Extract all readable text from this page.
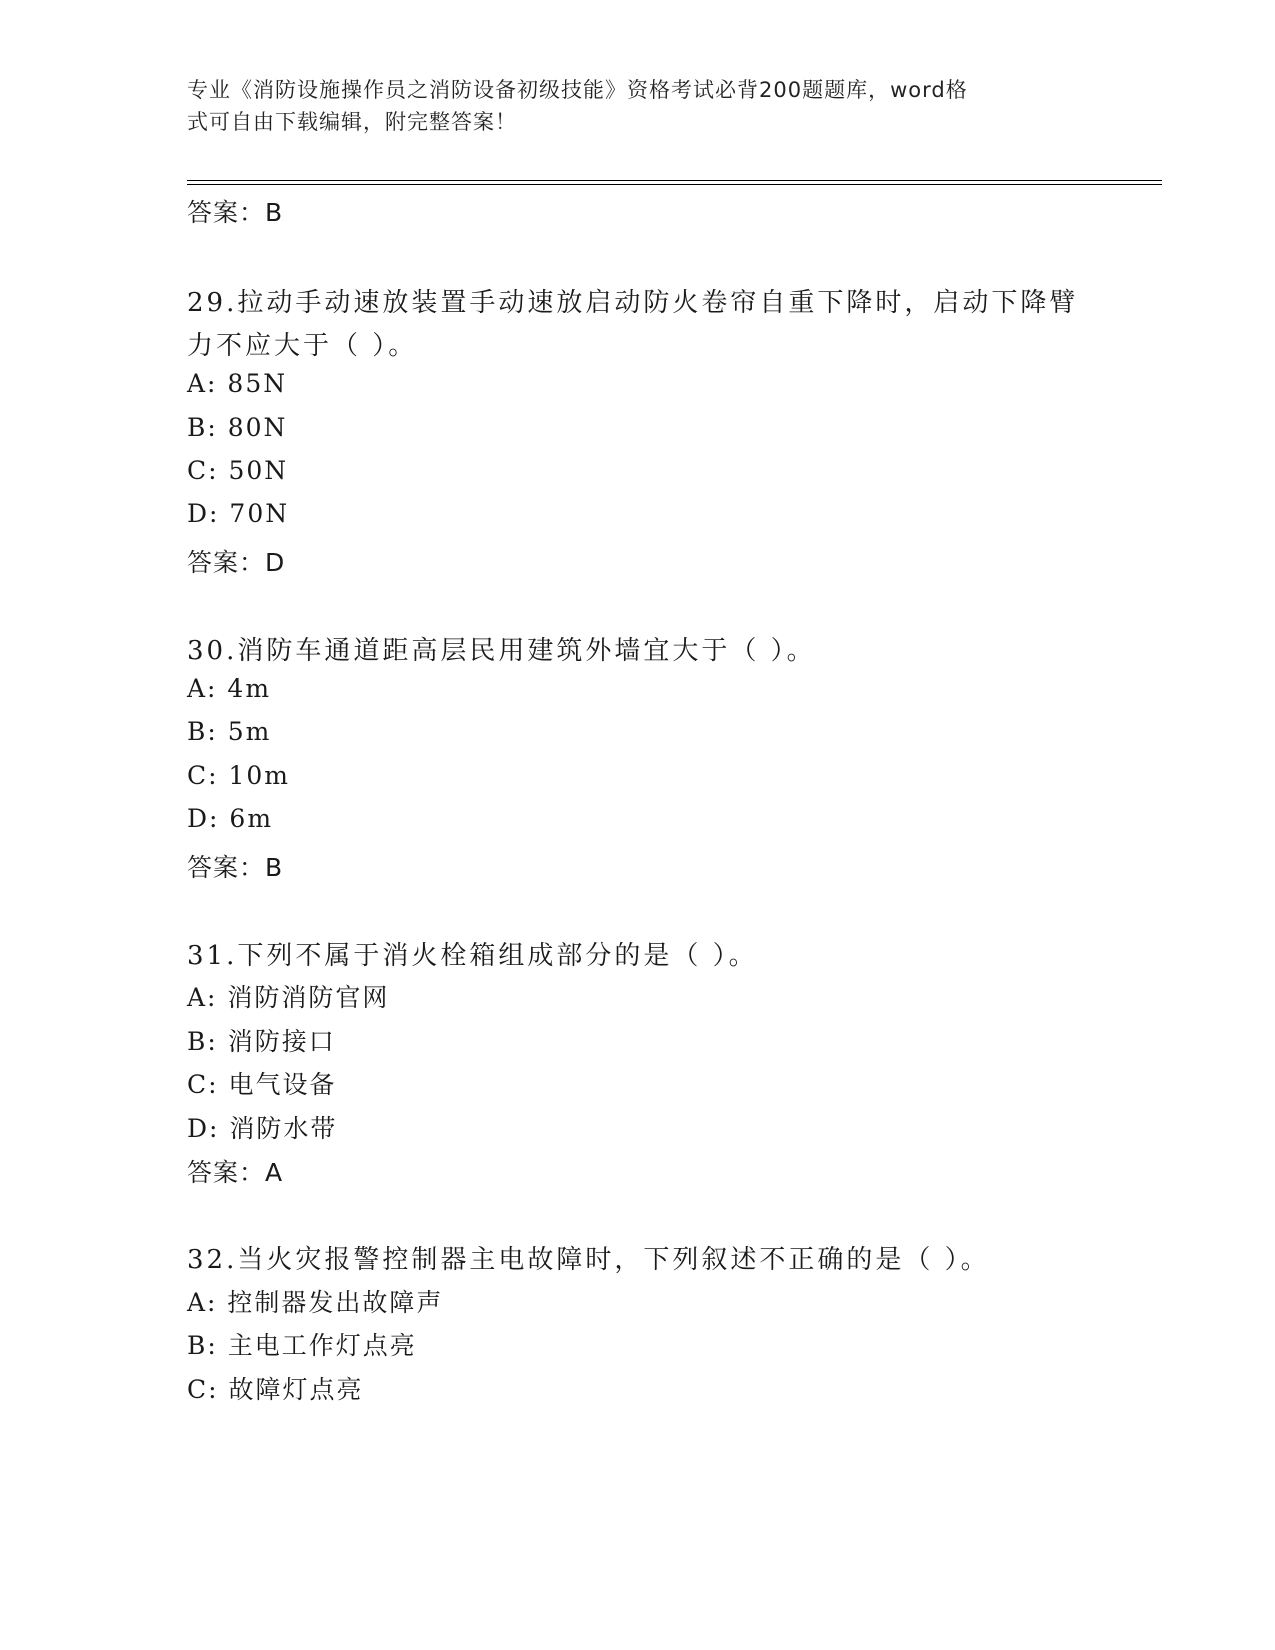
专业《消防设施操作员之消防设备初级技能》资格考试必背200题题库，word格
式可自由下载编辑，附完整答案！
答案：B
29.拉动手动速放装置手动速放启动防火卷帘自重下降时，启动下降臂
力不应大于（ ）。
A: 85N
B: 80N
C: 50N
D: 70N
答案：D
30.消防车通道距高层民用建筑外墙宜大于（ ）。
A: 4m
B: 5m
C: 10m
D: 6m
答案：B
31.下列不属于消火栓箱组成部分的是（ ）。
A: 消防消防官网
B: 消防接口
C: 电气设备
D: 消防水带
答案：A
32.当火灾报警控制器主电故障时，下列叙述不正确的是（ ）。
A: 控制器发出故障声
B: 主电工作灯点亮
C: 故障灯点亮
